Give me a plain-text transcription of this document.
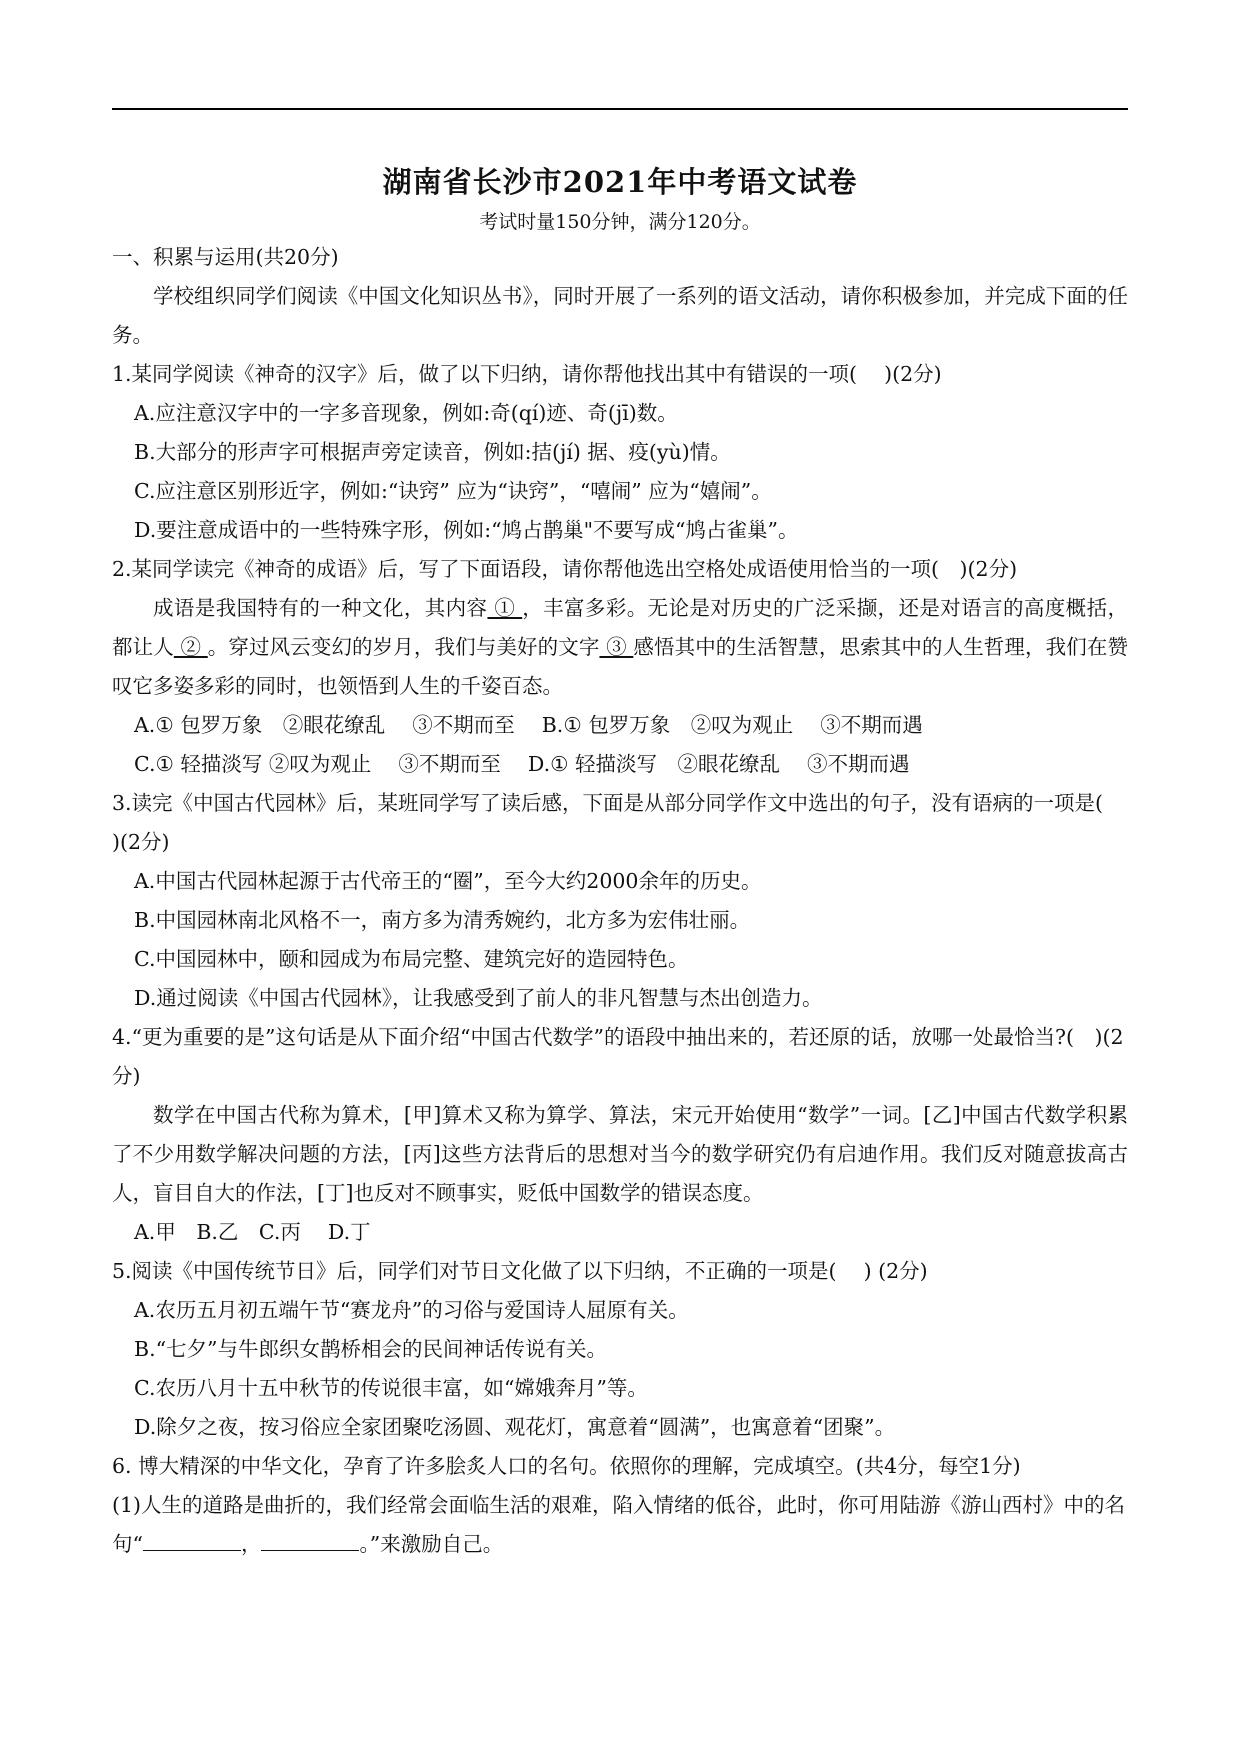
湖南省长沙市2021年中考语文试卷
考试时量150分钟，满分120分。

一、积累与运用(共20分)

学校组织同学们阅读《中国文化知识丛书》，同时开展了一系列的语文活动，请你积极参加，并完成下面的任务。

1.某同学阅读《神奇的汉字》后，做了以下归纳，请你帮他找出其中有错误的一项(　 )(2分)

A.应注意汉字中的一字多音现象，例如:奇(qí)迹、奇(jī)数。

B.大部分的形声字可根据声旁定读音，例如:拮(jí) 据、疫(yù)情。

C.应注意区别形近字，例如:“诀窍” 应为“诀窍”，“嘻闹” 应为“嬉闹”。

D.要注意成语中的一些特殊字形，例如:“鸠占鹊巢"不要写成“鸠占雀巢”。

2.某同学读完《神奇的成语》后，写了下面语段，请你帮他选出空格处成语使用恰当的一项(　)(2分)

成语是我国特有的一种文化，其内容 ① ，丰富多彩。无论是对历史的广泛采撷，还是对语言的高度概括，都让人 ② 。穿过风云变幻的岁月，我们与美好的文字 ③ 感悟其中的生活智慧，思索其中的人生哲理，我们在赞叹它多姿多彩的同时，也领悟到人生的千姿百态。

A.① 包罗万象　②眼花缭乱　 ③不期而至　 B.① 包罗万象　②叹为观止　 ③不期而遇

C.① 轻描淡写 ②叹为观止　 ③不期而至　 D.① 轻描淡写　②眼花缭乱　 ③不期而遇

3.读完《中国古代园林》后，某班同学写了读后感，下面是从部分同学作文中选出的句子，没有语病的一项是(　 )(2分)

A.中国古代园林起源于古代帝王的“圈”，至今大约2000余年的历史。

B.中国园林南北风格不一，南方多为清秀婉约，北方多为宏伟壮丽。

C.中国园林中，颐和园成为布局完整、建筑完好的造园特色。

D.通过阅读《中国古代园林》，让我感受到了前人的非凡智慧与杰出创造力。

4.“更为重要的是”这句话是从下面介绍“中国古代数学”的语段中抽出来的，若还原的话，放哪一处最恰当?(　)(2分)

数学在中国古代称为算术，[甲]算术又称为算学、算法，宋元开始使用“数学”一词。[乙]中国古代数学积累了不少用数学解决问题的方法，[丙]这些方法背后的思想对当今的数学研究仍有启迪作用。我们反对随意拔高古人，盲目自大的作法，[丁]也反对不顾事实，贬低中国数学的错误态度。

A.甲　B.乙　C.丙　 D.丁

5.阅读《中国传统节日》后，同学们对节日文化做了以下归纳，不正确的一项是(　 ) (2分)

A.农历五月初五端午节“赛龙舟”的习俗与爱国诗人屈原有关。

B.“七夕”与牛郎织女鹊桥相会的民间神话传说有关。

C.农历八月十五中秋节的传说很丰富，如“嫦娥奔月”等。

D.除夕之夜，按习俗应全家团聚吃汤圆、观花灯，寓意着“圆满”，也寓意着“团聚”。

6. 博大精深的中华文化，孕育了许多脍炙人口的名句。依照你的理解，完成填空。(共4分，每空1分)

(1)人生的道路是曲折的，我们经常会面临生活的艰难，陷入情绪的低谷，此时，你可用陆游《游山西村》中的名句“	，	。”来激励自己。
